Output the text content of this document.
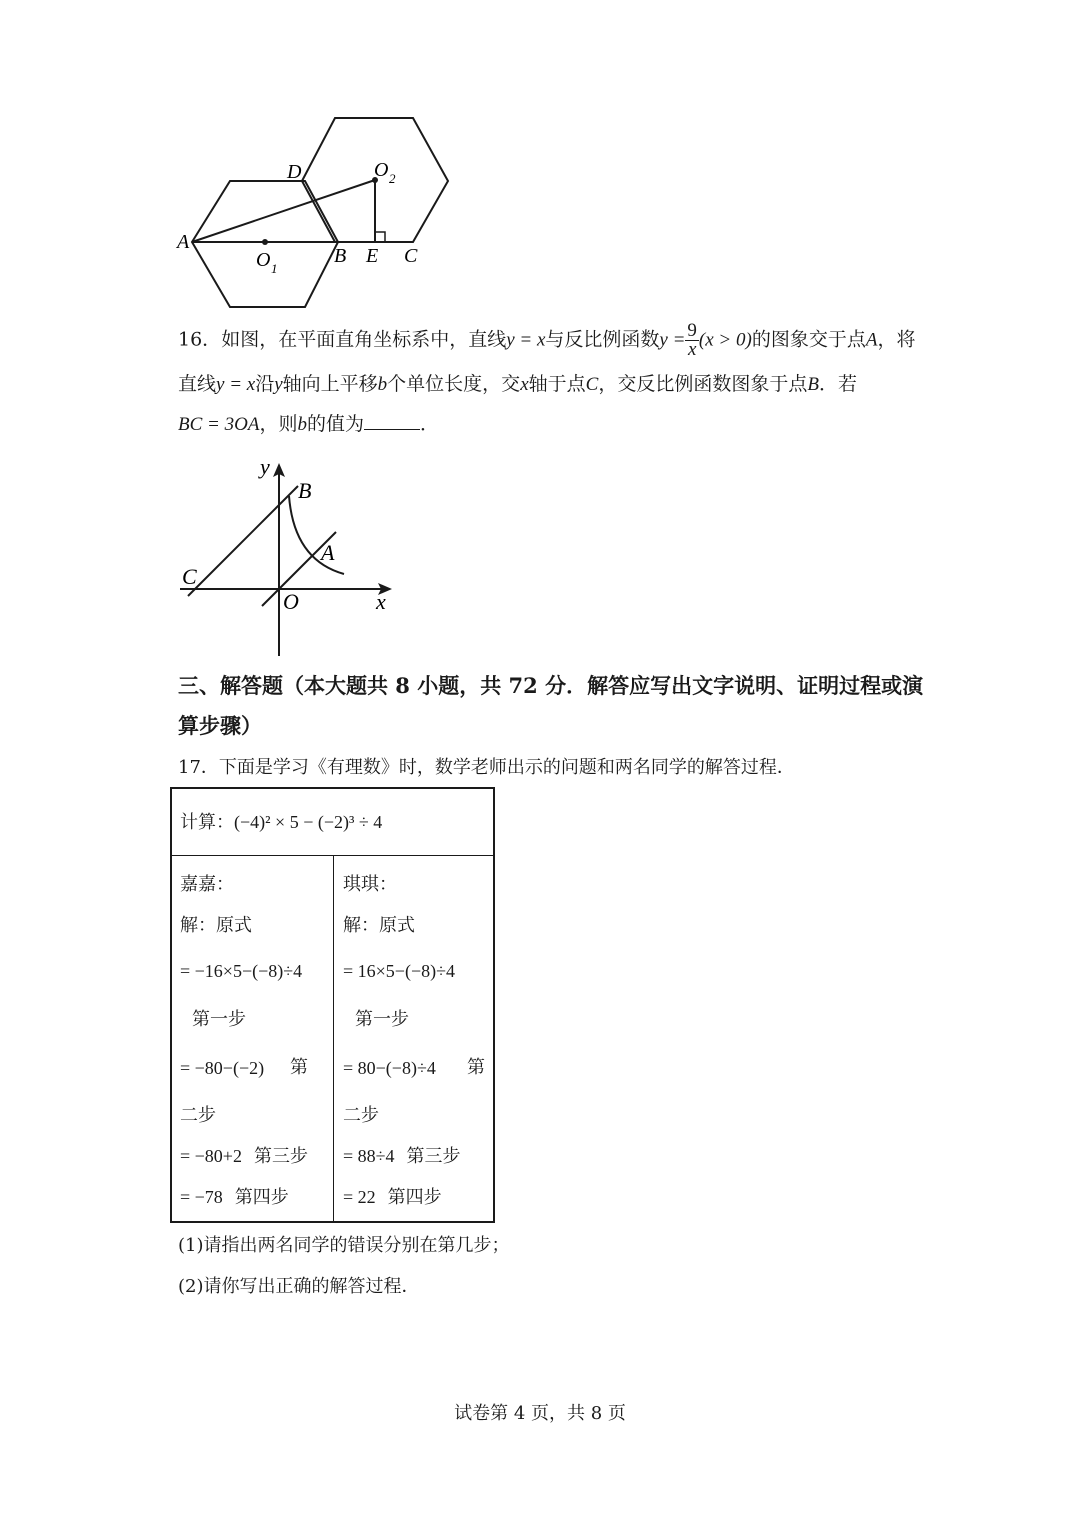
A
D
O 1
O 2
B E C
16．如图，在平面直角坐标系中，直线y = x与反比例函数$y = \frac{9}{x} (x > 0)$的图象交于点A，将
直线y = x沿y轴向上平移b个单位长度，交x轴于点C，交反比例函数图象于点B．若
BC = 3OA，则b的值为	．
y
x
O
B
A
C
三、解答题（本大题共 8 小题，共 72 分．解答应写出文字说明、证明过程或演
算步骤）
17．下面是学习《有理数》时，数学老师出示的问题和两名同学的解答过程．
计算：(−4)² × 5 − (−2)³ ÷ 4
嘉嘉：
解：原式
= −16×5−(−8)÷4
第一步
= −80−(−2) 第
二步
= −80+2 第三步
= −78 第四步
琪琪：
解：原式
= 16×5−(−8)÷4
第一步
= 80−(−8)÷4 第
二步
= 88÷4 第三步
= 22 第四步
(1)请指出两名同学的错误分别在第几步；
(2)请你写出正确的解答过程．
试卷第 4 页，共 8 页
